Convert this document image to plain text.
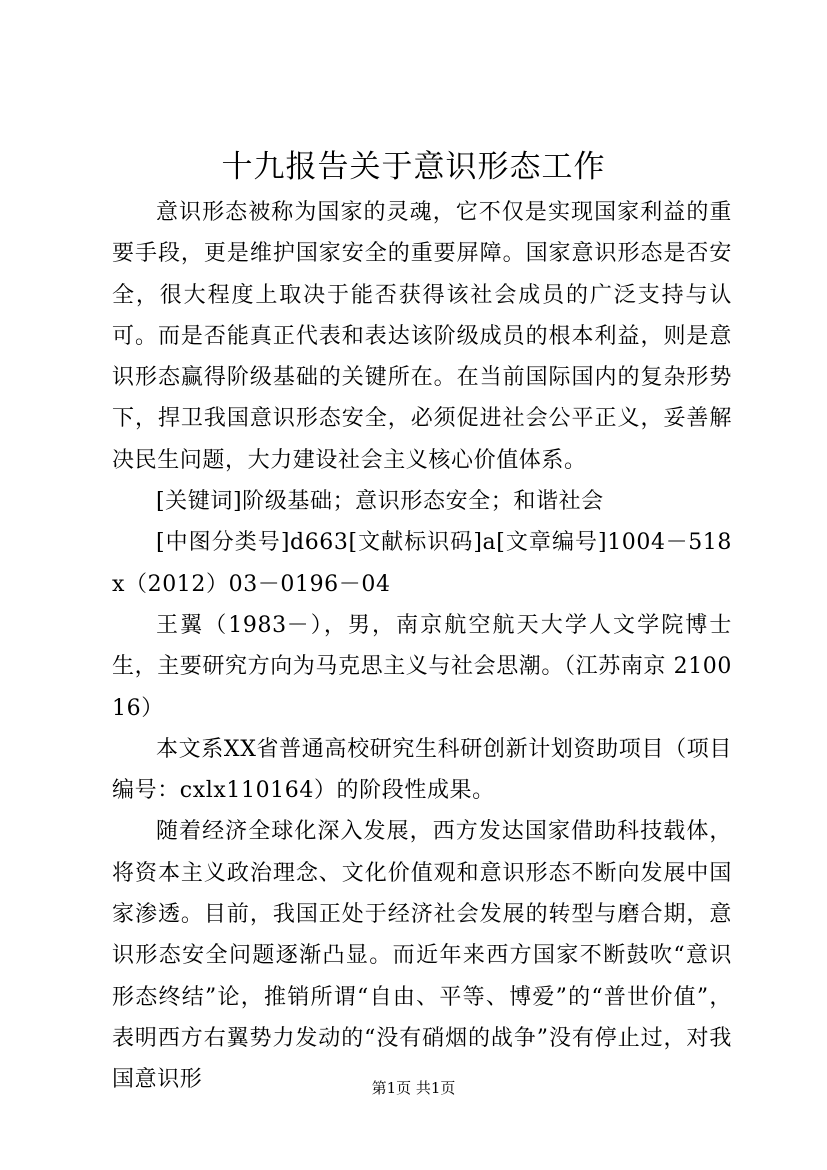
十九报告关于意识形态工作

意识形态被称为国家的灵魂，它不仅是实现国家利益的重要手段，更是维护国家安全的重要屏障。国家意识形态是否安全，很大程度上取决于能否获得该社会成员的广泛支持与认可。而是否能真正代表和表达该阶级成员的根本利益，则是意识形态赢得阶级基础的关键所在。在当前国际国内的复杂形势下，捍卫我国意识形态安全，必须促进社会公平正义，妥善解决民生问题，大力建设社会主义核心价值体系。

[关键词]阶级基础；意识形态安全；和谐社会

[中图分类号]d663[文献标识码]a[文章编号]1004－518x（2012）03－0196－04

王翼（1983－），男，南京航空航天大学人文学院博士生，主要研究方向为马克思主义与社会思潮。（江苏南京 210016）

本文系XX省普通高校研究生科研创新计划资助项目（项目编号：cxlx110164）的阶段性成果。

随着经济全球化深入发展，西方发达国家借助科技载体，将资本主义政治理念、文化价值观和意识形态不断向发展中国家渗透。目前，我国正处于经济社会发展的转型与磨合期，意识形态安全问题逐渐凸显。而近年来西方国家不断鼓吹“意识形态终结”论，推销所谓“自由、平等、博爱”的“普世价值”，表明西方右翼势力发动的“没有硝烟的战争”没有停止过，对我国意识形	第1页 共1页
